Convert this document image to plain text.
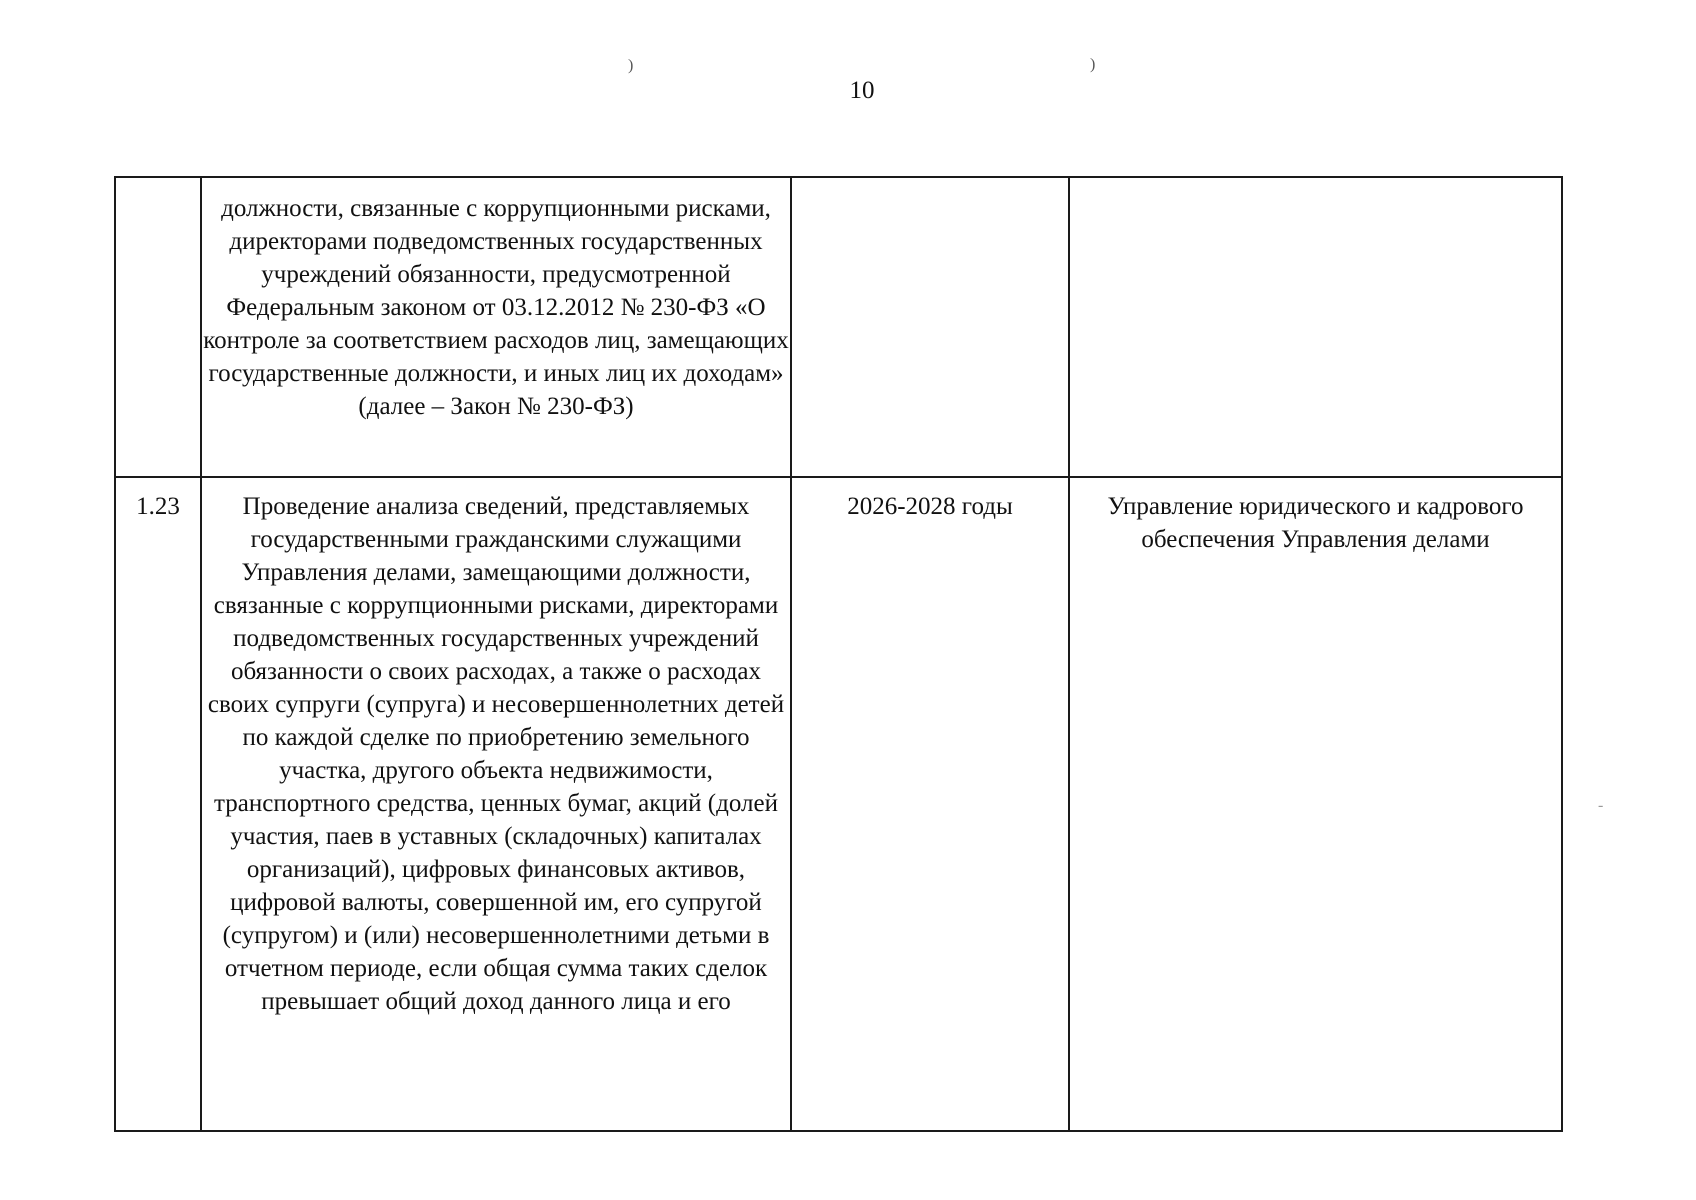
10
)	)
-

	должности, связанные с коррупционными рисками, директорами подведомственных государственных учреждений обязанности, предусмотренной Федеральным законом от 03.12.2012 № 230-ФЗ «О контроле за соответствием расходов лиц, замещающих государственные должности, и иных лиц их доходам» (далее – Закон № 230-ФЗ)		

1.23	Проведение анализа сведений, представляемых государственными гражданскими служащими Управления делами, замещающими должности, связанные с коррупционными рисками, директорами подведомственных государственных учреждений обязанности о своих расходах, а также о расходах своих супруги (супруга) и несовершеннолетних детей по каждой сделке по приобретению земельного участка, другого объекта недвижимости, транспортного средства, ценных бумаг, акций (долей участия, паев в уставных (складочных) капиталах организаций), цифровых финансовых активов, цифровой валюты, совершенной им, его супругой (супругом) и (или) несовершеннолетними детьми в отчетном периоде, если общая сумма таких сделок превышает общий доход данного лица и его	2026-2028 годы	Управление юридического и кадрового обеспечения Управления делами
